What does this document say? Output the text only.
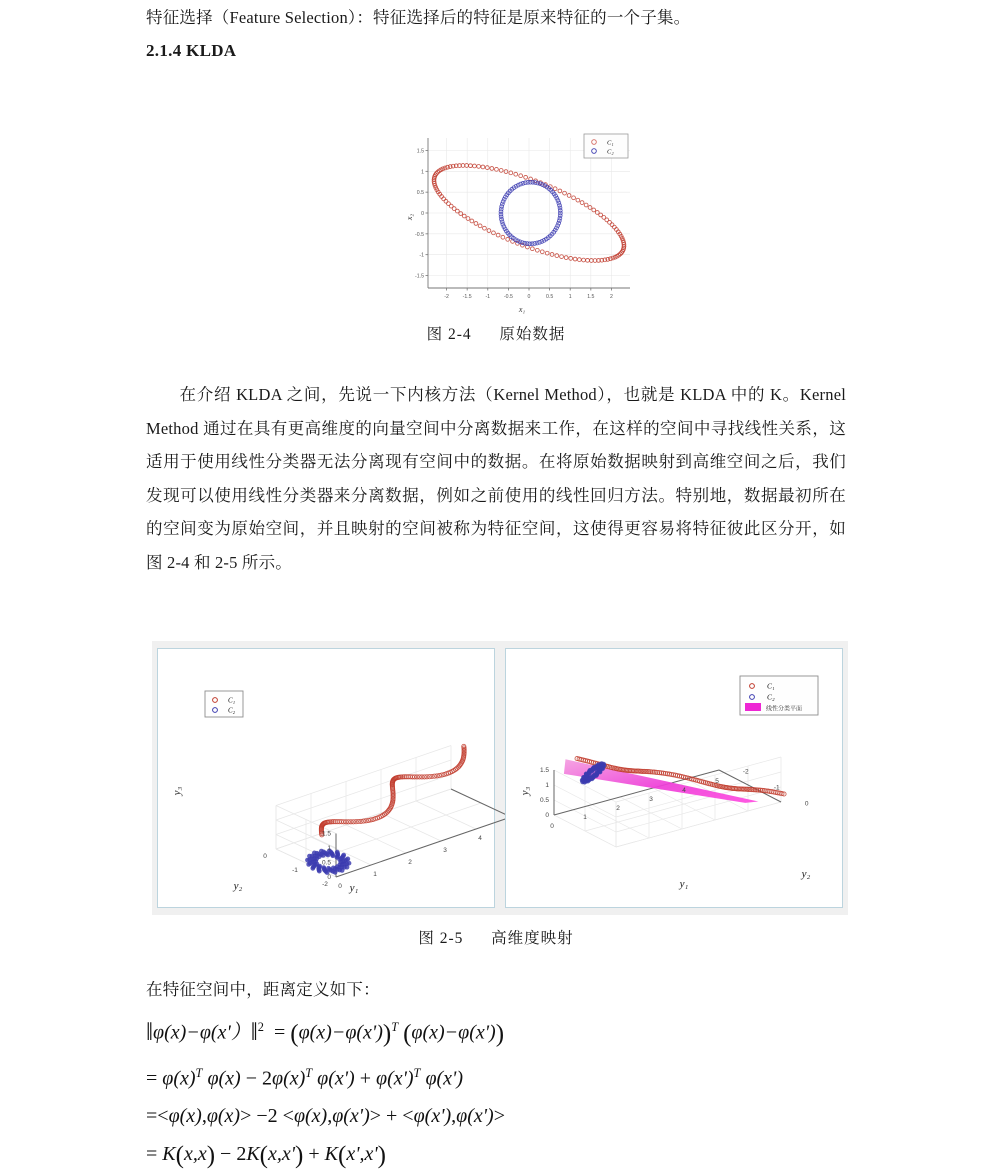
特征选择（Feature Selection）：特征选择后的特征是原来特征的一个子集。
2.1.4 KLDA
-2	-1.5	-1	-0.5	0	0.5	1	1.5	2
1.5
1
0.5
0
-0.5
-1
-1.5
x₁
x₂
C₁
C₂
图 2-4 原始数据
在介绍 KLDA 之间，先说一下内核方法（Kernel Method），也就是 KLDA 中的 K。Kernel Method 通过在具有更高维度的向量空间中分离数据来工作，在这样的空间中寻找线性关系，这适用于使用线性分类器无法分离现有空间中的数据。在将原始数据映射到高维空间之后，我们发现可以使用线性分类器来分离数据，例如之前使用的线性回归方法。特别地，数据最初所在的空间变为原始空间，并且映射的空间被称为特征空间，这使得更容易将特征彼此区分开，如图 2-4 和 2-5 所示。
0
1
2
3
4
0
-1
-2
0
0.5
1
1.5
y₁
y₂
y₃
C₁
C₂
0
1
2
3
4
5
0
-1
-2
0
0.5
1
1.5
y₁
y₂
y₃
C₁
C₂
线性分类平面
图 2-5 高维度映射
在特征空间中，距离定义如下：
‖φ(x)−φ(x'）‖$^2$  = $(\varphi(x)-\varphi(x'))^T$ (φ(x)−φ(x'))
= $\varphi(x)^T$ $\varphi(x) - 2\varphi(x)^T$ $\varphi(x') + \varphi(x')^T$ φ(x')
=<φ(x),φ(x)> −2 <φ(x),φ(x')> + <φ(x'),φ(x')>
= K(x,x) − 2K(x,x') + K(x',x')
